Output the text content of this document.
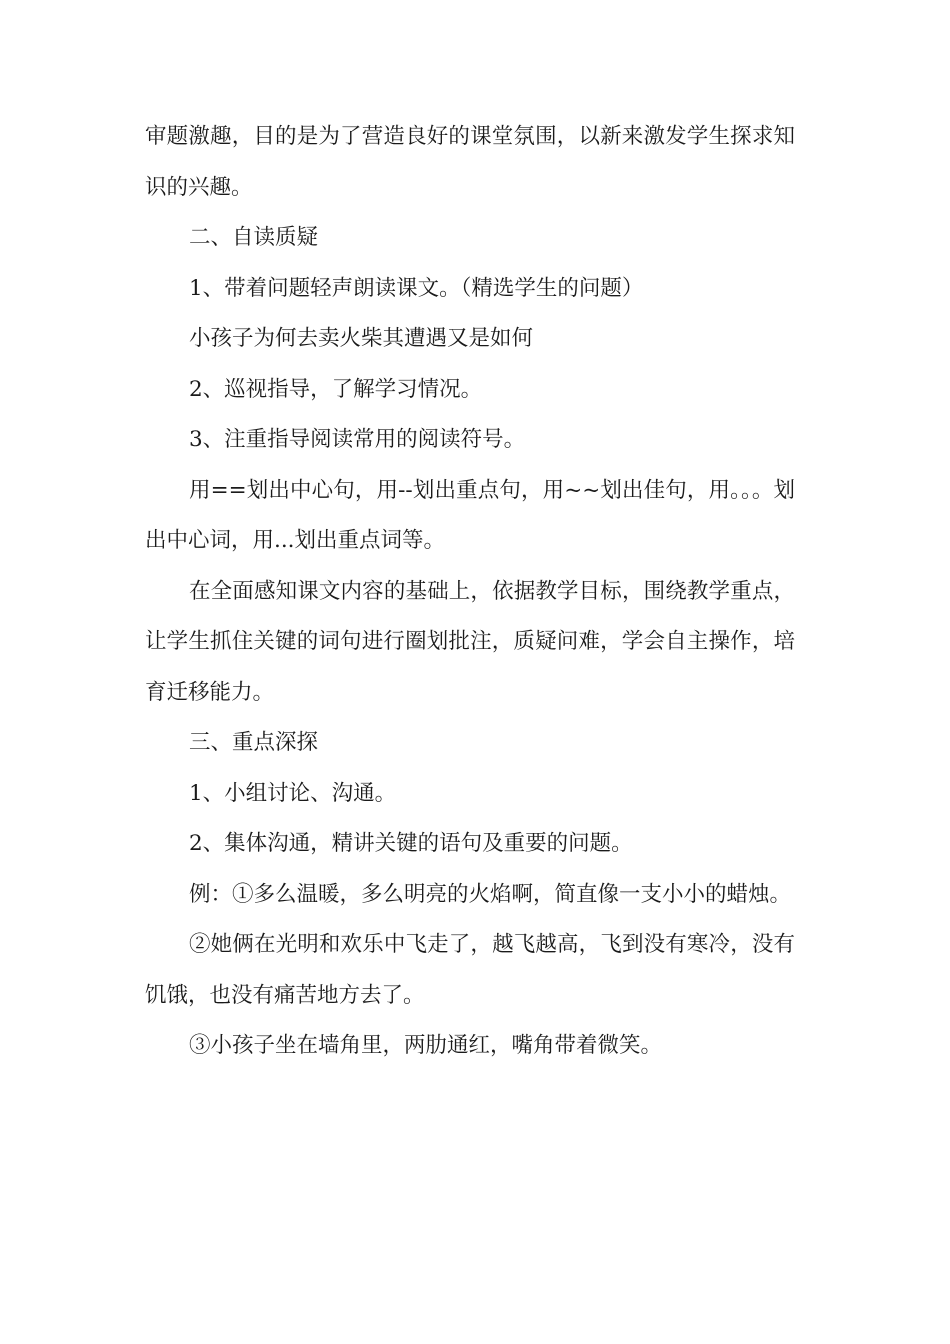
审题激趣，目的是为了营造良好的课堂氛围，以新来激发学生探求知识的兴趣。

二、自读质疑

1、带着问题轻声朗读课文。（精选学生的问题）

小孩子为何去卖火柴其遭遇又是如何

2、巡视指导，了解学习情况。

3、注重指导阅读常用的阅读符号。

用==划出中心句，用--划出重点句，用~~划出佳句，用。。。划出中心词，用...划出重点词等。

在全面感知课文内容的基础上，依据教学目标，围绕教学重点，让学生抓住关键的词句进行圈划批注，质疑问难，学会自主操作，培育迁移能力。

三、重点深探

1、小组讨论、沟通。

2、集体沟通，精讲关键的语句及重要的问题。

例：①多么温暖，多么明亮的火焰啊，简直像一支小小的蜡烛。

②她俩在光明和欢乐中飞走了，越飞越高，飞到没有寒冷，没有饥饿，也没有痛苦地方去了。

③小孩子坐在墙角里，两肋通红，嘴角带着微笑。
